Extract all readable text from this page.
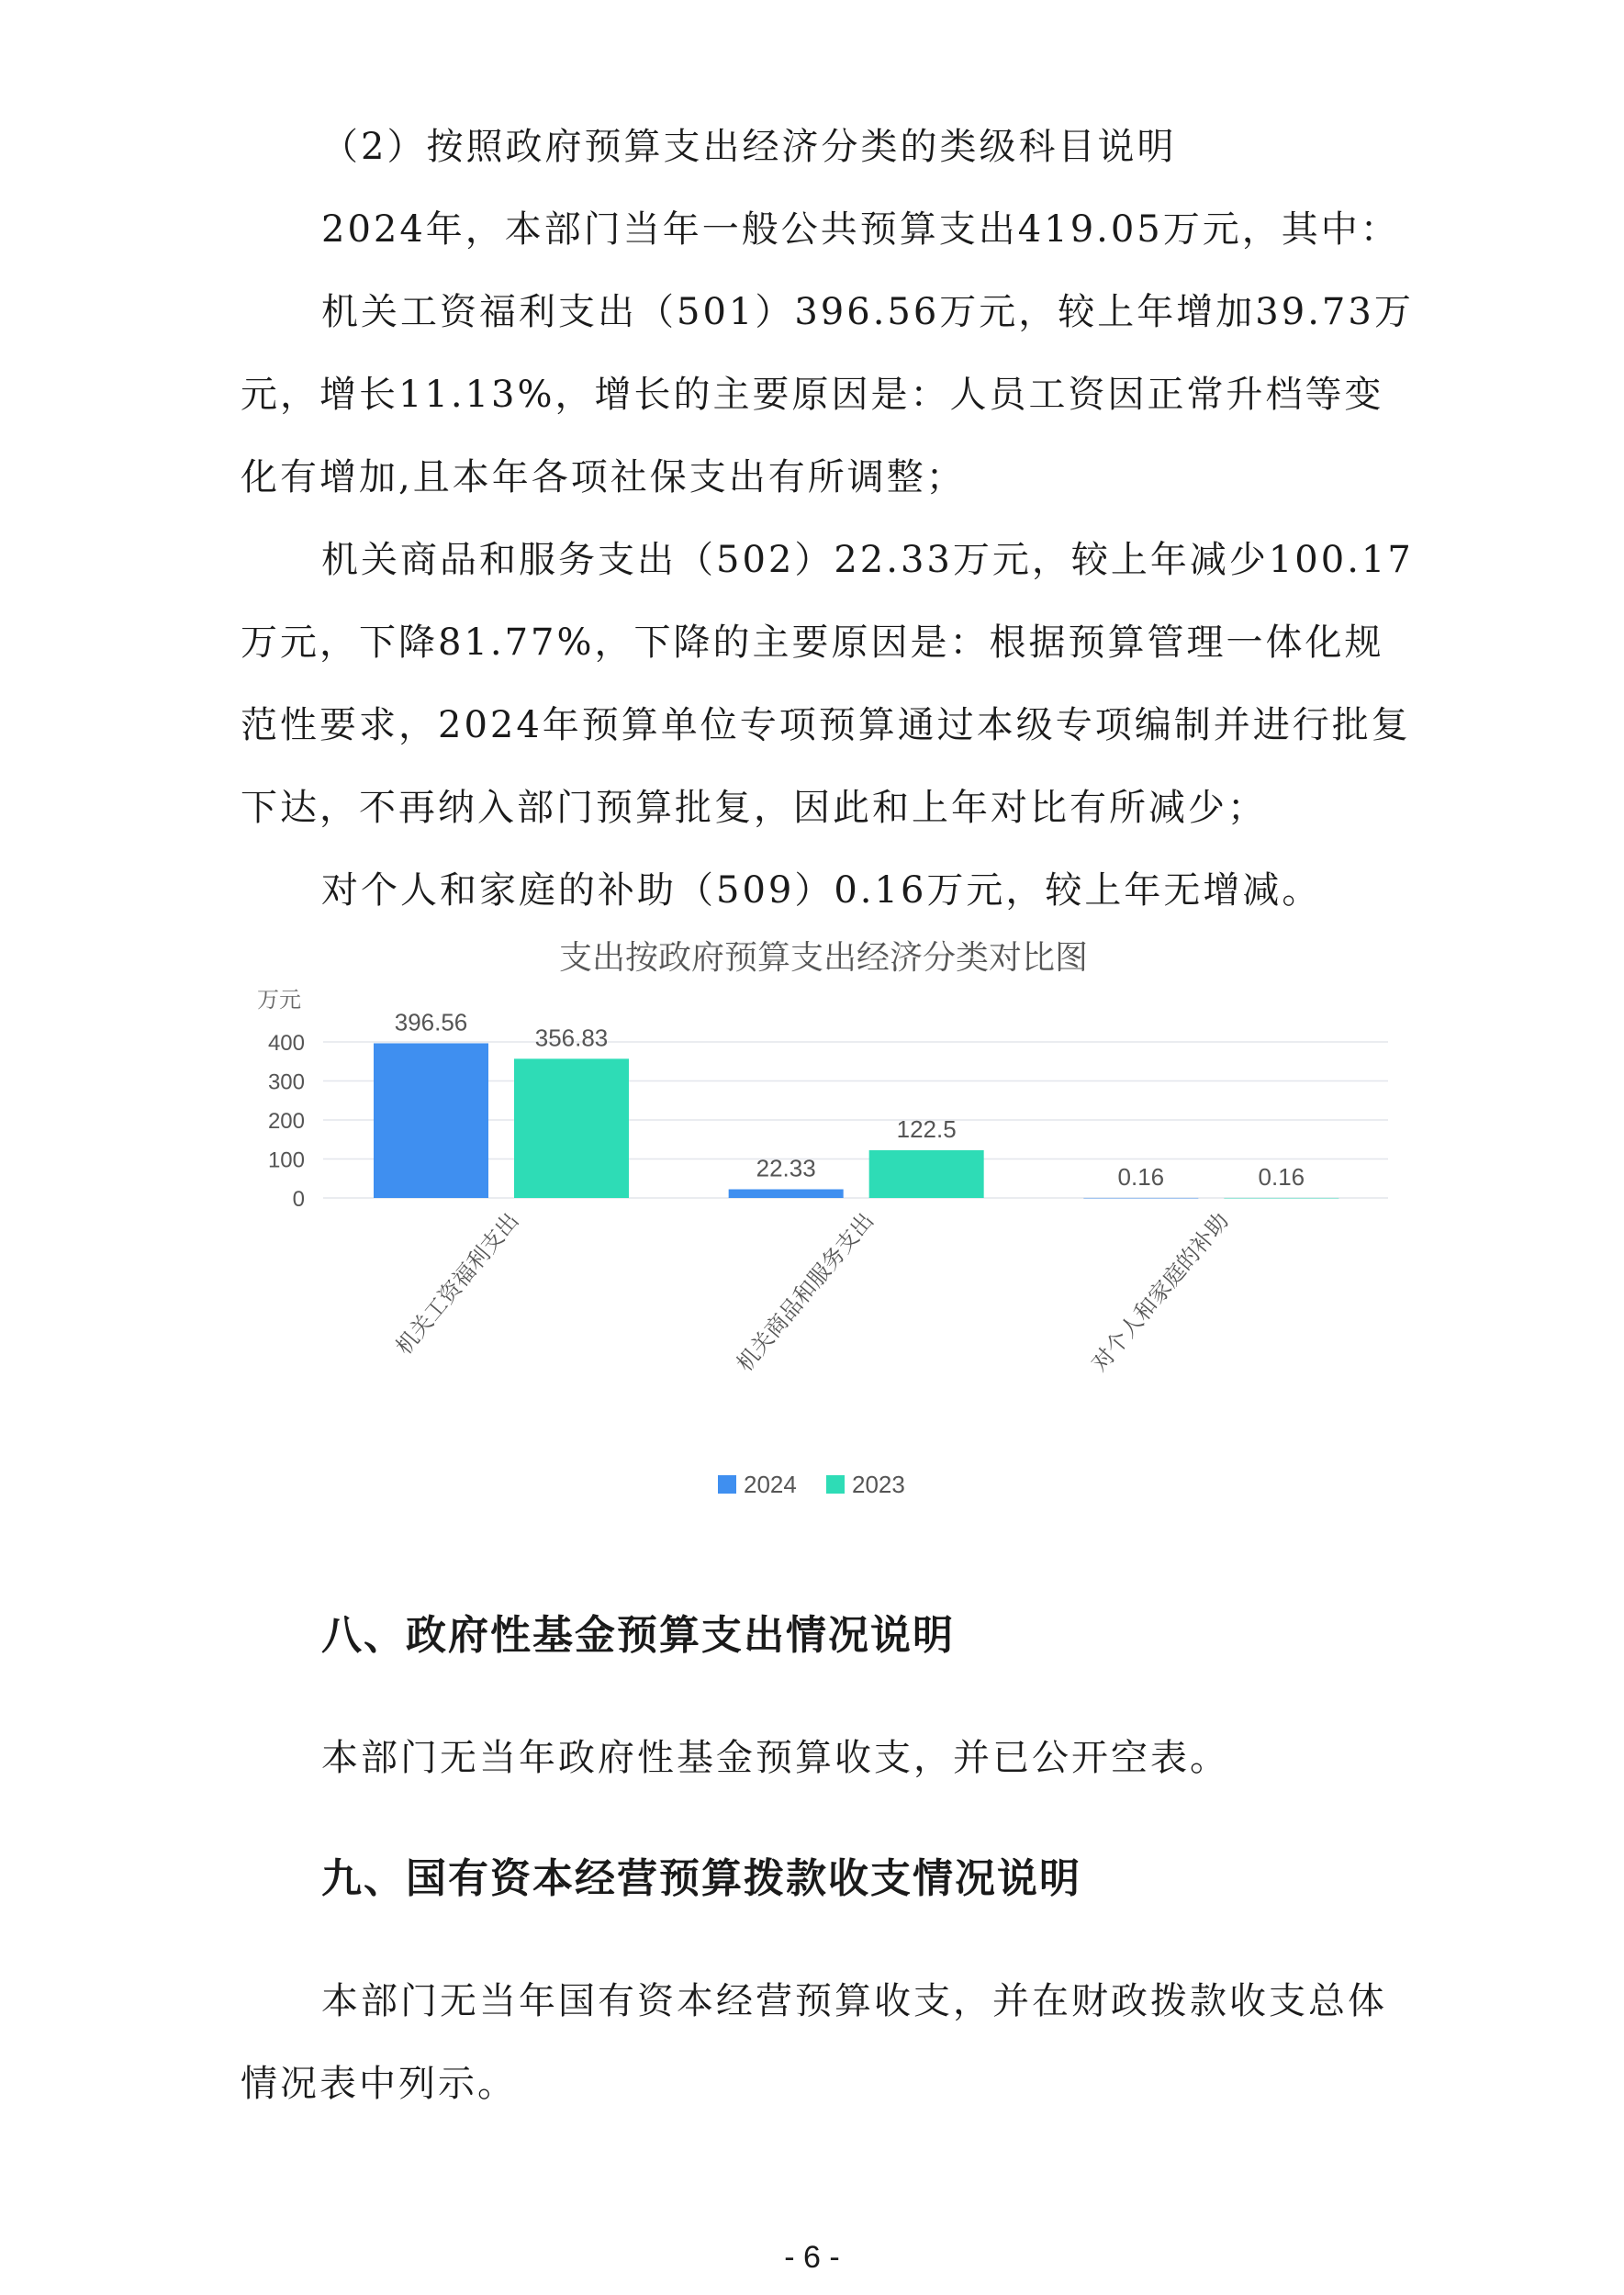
（2）按照政府预算支出经济分类的类级科目说明

2024年，本部门当年一般公共预算支出419.05万元，其中：

机关工资福利支出（501）396.56万元，较上年增加39.73万元，增长11.13%，增长的主要原因是：人员工资因正常升档等变化有增加,且本年各项社保支出有所调整；

机关商品和服务支出（502）22.33万元，较上年减少100.17万元，下降81.77%，下降的主要原因是：根据预算管理一体化规范性要求，2024年预算单位专项预算通过本级专项编制并进行批复下达，不再纳入部门预算批复，因此和上年对比有所减少；

对个人和家庭的补助（509）0.16万元，较上年无增减。

支出按政府预算支出经济分类对比图
万元
0
100
200
300
400
396.56
356.83
机关工资福利支出
22.33
122.5
机关商品和服务支出
0.16	0.16
对个人和家庭的补助
2024 2023

八、政府性基金预算支出情况说明

本部门无当年政府性基金预算收支，并已公开空表。

九、国有资本经营预算拨款收支情况说明

本部门无当年国有资本经营预算收支，并在财政拨款收支总体情况表中列示。

- 6 -
